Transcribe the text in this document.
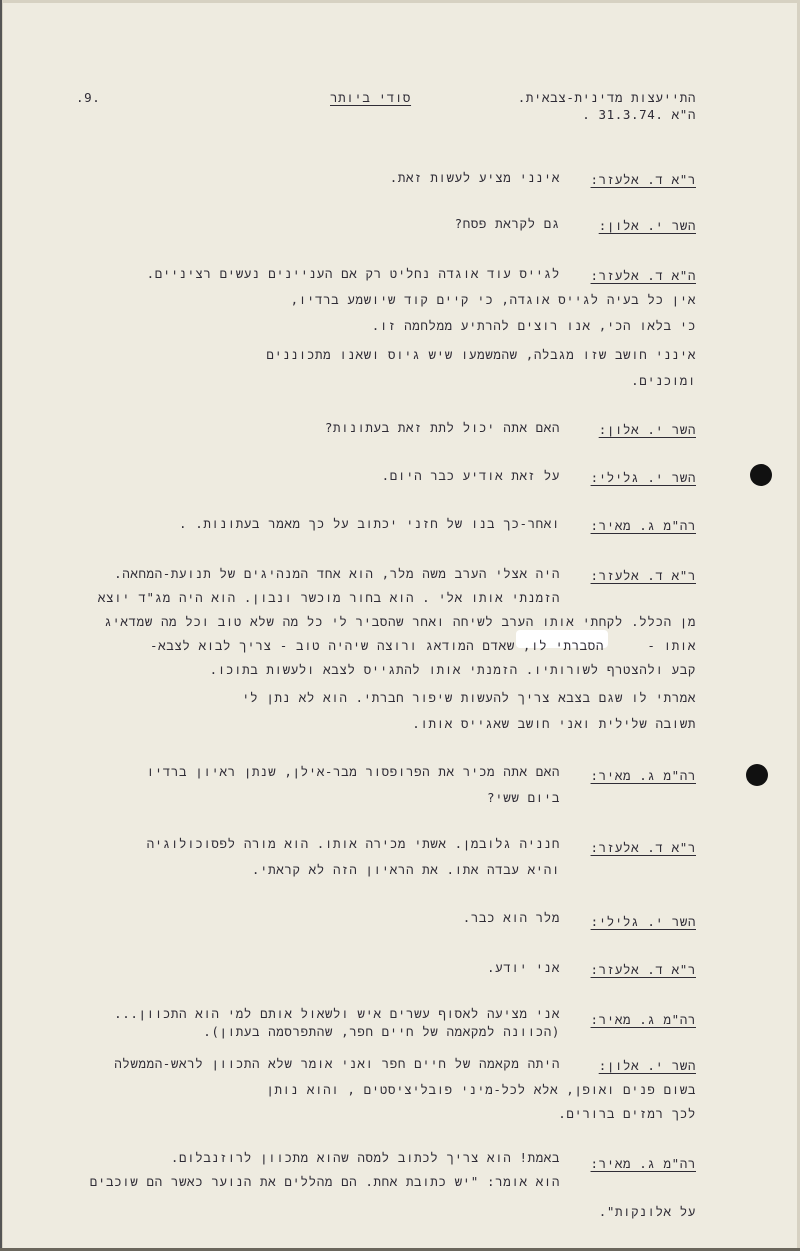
התייעצות מדינית-צבאית.
ה"א .31.3.74 .
סודי ביותר
.9.
ר"א ד. אלעזר:
אינני מציע לעשות זאת.
השר י. אלון:
גם לקראת פסח?
ה"א ד. אלעזר:
לגייס עוד אוגדה נחליט רק אם העניינים נעשים רציניים.
אין כל בעיה לגייס אוגדה, כי קיים קוד שיושמע ברדיו,
כי בלאו הכי, אנו רוצים להרתיע ממלחמה זו.
אינני חושב שזו מגבלה, שהמשמעו שיש גיוס ושאנו מתכוננים
ומוכנים.
השר י. אלון:
האם אתה יכול לתת זאת בעתונות?
השר י. גלילי:
על זאת אודיע כבר היום.
רה"מ ג. מאיר:
ואחר-כך בנו של חזני יכתוב על כך מאמר בעתונות. .
ר"א ד. אלעזר:
היה אצלי הערב משה מלר, הוא אחד המנהיגים של תנועת-המחאה.
הזמנתי אותו אלי . הוא בחור מוכשר ונבון. הוא היה מג"ד יוצא
מן הכלל. לקחתי אותו הערב לשיחה ואחר שהסביר לי כל מה שלא טוב וכל מה שמדאיג
אותו -
הסברתי לו, שאדם המודאג ורוצה שיהיה טוב - צריך לבוא לצבא-
קבע ולהצטרף לשורותיו. הזמנתי אותו להתגייס לצבא ולעשות בתוכו.
אמרתי לו שגם בצבא צריך להעשות שיפור חברתי. הוא לא נתן לי
תשובה שלילית ואני חושב שאגייס אותו.
רה"מ ג. מאיר:
האם אתה מכיר את הפרופסור מבר-אילן, שנתן ראיון ברדיו
ביום ששי?
ר"א ד. אלעזר:
חנניה גלובמן. אשתי מכירה אותו. הוא מורה לפסוכולוגיה
והיא עבדה אתו. את הראיון הזה לא קראתי.
השר י. גלילי:
מלר הוא כבר.
ר"א ד. אלעזר:
אני יודע.
רה"מ ג. מאיר:
אני מציעה לאסוף עשרים איש ולשאול אותם למי הוא התכוון...
(הכוונה למקאמה של חיים חפר, שהתפרסמה בעתון).
השר י. אלון:
היתה מקאמה של חיים חפר ואני אומר שלא התכוון לראש-הממשלה
בשום פנים ואופן, אלא לכל-מיני פובליציסטים , והוא נותן
לכך רמזים ברורים.
רה"מ ג. מאיר:
באמת! הוא צריך לכתוב למסה שהוא מתכוון לרוזנבלום.
הוא אומר: "יש כתובת אחת. הם מהללים את הנוער כאשר הם שוכבים
על אלונקות".
